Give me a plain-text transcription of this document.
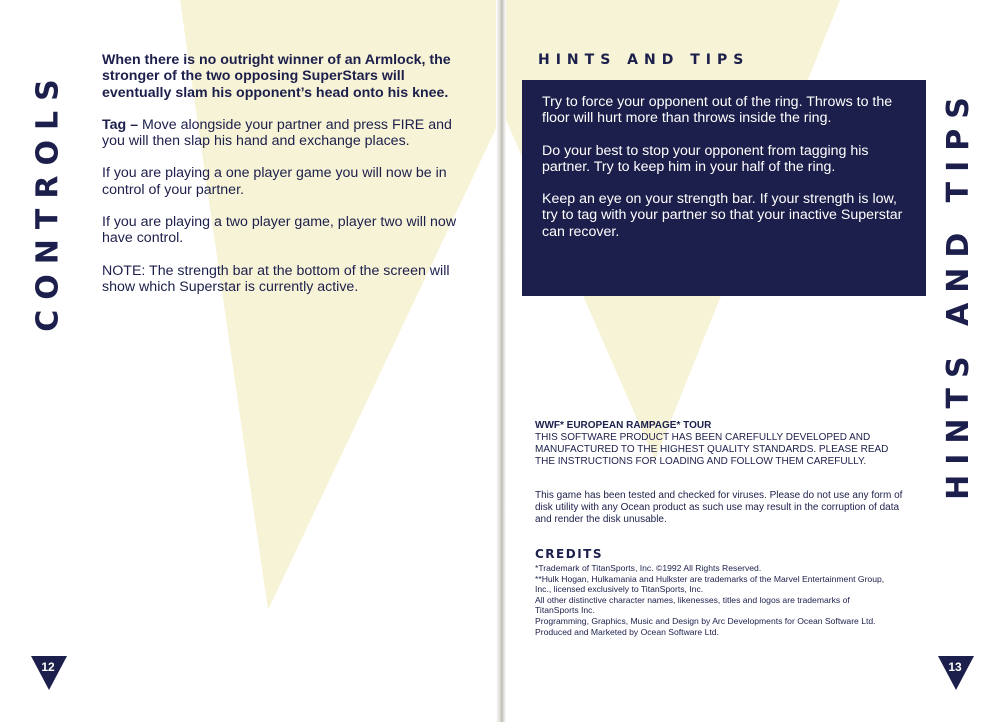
CONTROLS

When there is no outright winner of an Armlock, the stronger of the two opposing SuperStars will eventually slam his opponent’s head onto his knee.

Tag – Move alongside your partner and press FIRE and you will then slap his hand and exchange places.

If you are playing a one player game you will now be in control of your partner.

If you are playing a two player game, player two will now have control.

NOTE: The strength bar at the bottom of the screen will show which Superstar is currently active.

12
HINTS AND TIPS

Try to force your opponent out of the ring. Throws to the floor will hurt more than throws inside the ring.

Do your best to stop your opponent from tagging his partner. Try to keep him in your half of the ring.

Keep an eye on your strength bar. If your strength is low, try to tag with your partner so that your inactive Superstar can recover.

WWF* EUROPEAN RAMPAGE* TOUR
THIS SOFTWARE PRODUCT HAS BEEN CAREFULLY DEVELOPED AND MANUFACTURED TO THE HIGHEST QUALITY STANDARDS. PLEASE READ THE INSTRUCTIONS FOR LOADING AND FOLLOW THEM CAREFULLY.
This game has been tested and checked for viruses. Please do not use any form of disk utility with any Ocean product as such use may result in the corruption of data and render the disk unusable.
CREDITS
*Trademark of TitanSports, Inc. ©1992 All Rights Reserved.
**Hulk Hogan, Hulkamania and Hulkster are trademarks of the Marvel Entertainment Group, Inc., licensed exclusively to TitanSports, Inc.
All other distinctive character names, likenesses, titles and logos are trademarks of TitanSports Inc.
Programming, Graphics, Music and Design by Arc Developments for Ocean Software Ltd.
Produced and Marketed by Ocean Software Ltd.
HINTS AND TIPS
13
